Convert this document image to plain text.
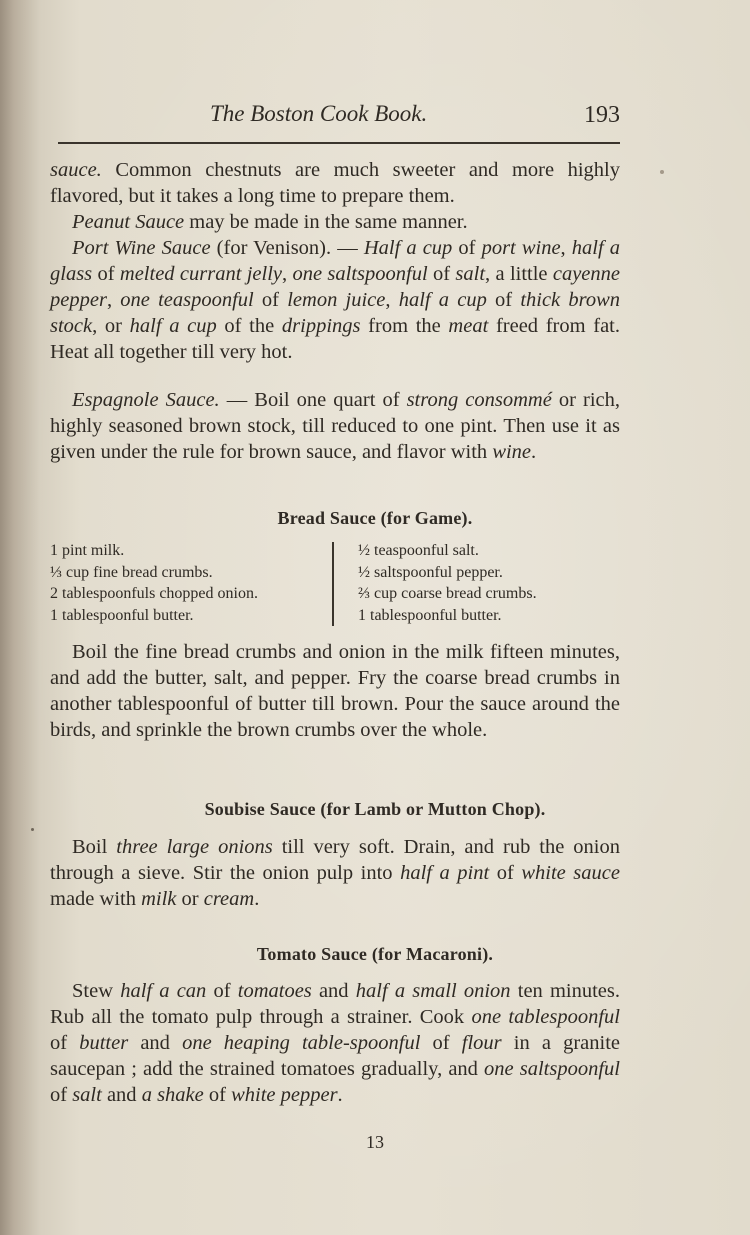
The Boston Cook Book.	193

sauce. Common chestnuts are much sweeter and more highly flavored, but it takes a long time to prepare them.

Peanut Sauce may be made in the same manner.

Port Wine Sauce (for Venison). — Half a cup of port wine, half a glass of melted currant jelly, one saltspoonful of salt, a little cayenne pepper, one teaspoonful of lemon juice, half a cup of thick brown stock, or half a cup of the drippings from the meat freed from fat. Heat all together till very hot.

Espagnole Sauce. — Boil one quart of strong consommé or rich, highly seasoned brown stock, till reduced to one pint. Then use it as given under the rule for brown sauce, and flavor with wine.

Bread Sauce (for Game).
1 pint milk.
⅓ cup fine bread crumbs.
2 tablespoonfuls chopped onion.
1 tablespoonful butter.
½ teaspoonful salt.
½ saltspoonful pepper.
⅔ cup coarse bread crumbs.
1 tablespoonful butter.

Boil the fine bread crumbs and onion in the milk fifteen minutes, and add the butter, salt, and pepper. Fry the coarse bread crumbs in another tablespoonful of butter till brown. Pour the sauce around the birds, and sprinkle the brown crumbs over the whole.

Soubise Sauce (for Lamb or Mutton Chop).

Boil three large onions till very soft. Drain, and rub the onion through a sieve. Stir the onion pulp into half a pint of white sauce made with milk or cream.

Tomato Sauce (for Macaroni).

Stew half a can of tomatoes and half a small onion ten minutes. Rub all the tomato pulp through a strainer. Cook one tablespoonful of butter and one heaping table-spoonful of flour in a granite saucepan ; add the strained tomatoes gradually, and one saltspoonful of salt and a shake of white pepper.

13
